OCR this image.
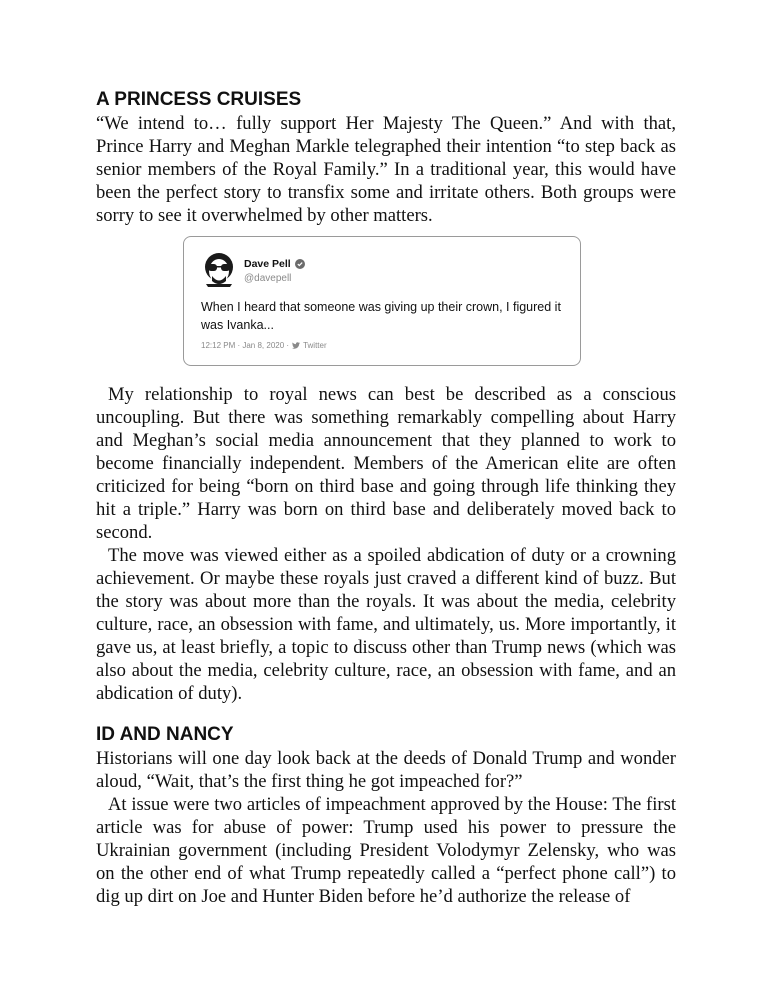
A PRINCESS CRUISES

“We intend to… fully support Her Majesty The Queen.” And with that, Prince Harry and Meghan Markle telegraphed their intention “to step back as senior members of the Royal Family.” In a traditional year, this would have been the perfect story to transfix some and irritate others. Both groups were sorry to see it overwhelmed by other matters.

Dave Pell
@davepell
When I heard that someone was giving up their crown, I figured it was Ivanka...
12:12 PM · Jan 8, 2020 · Twitter

My relationship to royal news can best be described as a conscious uncoupling. But there was something remarkably compelling about Harry and Meghan’s social media announcement that they planned to work to become financially independent. Members of the American elite are often criticized for being “born on third base and going through life thinking they hit a triple.” Harry was born on third base and deliberately moved back to second.

The move was viewed either as a spoiled abdication of duty or a crowning achievement. Or maybe these royals just craved a different kind of buzz. But the story was about more than the royals. It was about the media, celebrity culture, race, an obsession with fame, and ultimately, us. More importantly, it gave us, at least briefly, a topic to discuss other than Trump news (which was also about the media, celebrity culture, race, an obsession with fame, and an abdication of duty).

ID AND NANCY

Historians will one day look back at the deeds of Donald Trump and wonder aloud, “Wait, that’s the first thing he got impeached for?”

At issue were two articles of impeachment approved by the House: The first article was for abuse of power: Trump used his power to pressure the Ukrainian government (including President Volodymyr Zelensky, who was on the other end of what Trump repeatedly called a “perfect phone call”) to dig up dirt on Joe and Hunter Biden before he’d authorize the release of
